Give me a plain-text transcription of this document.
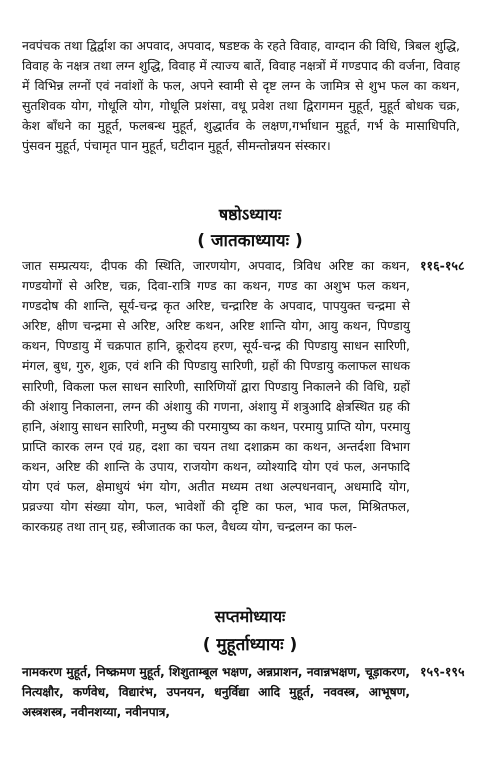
नवपंचक तथा द्विर्द्वाश का अपवाद, अपवाद, षडष्टक के रहते विवाह, वाग्दान की विधि, त्रिबल शुद्धि, विवाह के नक्षत्र तथा लग्न शुद्धि, विवाह में त्याज्य बातें, विवाह नक्षत्रों में गण्डपाद की वर्जना, विवाह में विभिन्न लग्नों एवं नवांशों के फल, अपने स्वामी से दृष्ट लग्न के जामित्र से शुभ फल का कथन, सुतशिवक योग, गोधूलि योग, गोधूलि प्रशंसा, वधू प्रवेश तथा द्विरागमन मुहूर्त, मुहूर्त बोधक चक्र, केश बाँधने का मुहूर्त, फलबन्ध मुहूर्त, शुद्धार्तव के लक्षण,गर्भाधान मुहूर्त, गर्भ के मासाधिपति, पुंसवन मुहूर्त, पंचामृत पान मुहूर्त, घटीदान मुहूर्त, सीमन्तोन्नयन संस्कार।

षष्ठोऽध्यायः
( जातकाध्यायः )

जात सम्प्रत्ययः, दीपक की स्थिति, जारणयोग, अपवाद, त्रिविध अरिष्ट का कथन, गण्डयोगों से अरिष्ट, चक्र, दिवा-रात्रि गण्ड का कथन, गण्ड का अशुभ फल कथन, गण्डदोष की शान्ति, सूर्य-चन्द्र कृत अरिष्ट, चन्द्रारिष्ट के अपवाद, पापयुक्त चन्द्रमा से अरिष्ट, क्षीण चन्द्रमा से अरिष्ट, अरिष्ट कथन, अरिष्ट शान्ति योग, आयु कथन, पिण्डायु कथन, पिण्डायु में चक्रपात हानि, क्रूरोदय हरण, सूर्य-चन्द्र की पिण्डायु साधन सारिणी, मंगल, बुध, गुरु, शुक्र, एवं शनि की पिण्डायु सारिणी, ग्रहों की पिण्डायु कलाफल साधक सारिणी, विकला फल साधन सारिणी, सारिणियों द्वारा पिण्डायु निकालने की विधि, ग्रहों की अंशायु निकालना, लग्न की अंशायु की गणना, अंशायु में शत्रुआदि क्षेत्रस्थित ग्रह की हानि, अंशायु साधन सारिणी, मनुष्य की परमायुष्य का कथन, परमायु प्राप्ति योग, परमायु प्राप्ति कारक लग्न एवं ग्रह, दशा का चयन तथा दशाक्रम का कथन, अन्तर्दशा विभाग कथन, अरिष्ट की शान्ति के उपाय, राजयोग कथन, व्योश्यादि योग एवं फल, अनफादि योग एवं फल, क्षेमाधुयं भंग योग, अतीत मध्यम तथा अल्पधनवान्, अधमादि योग, प्रव्रज्या योग संख्या योग, फल, भावेशों की दृष्टि का फल, भाव फल, मिश्रितफल, कारकग्रह तथा तान् ग्रह, स्त्रीजातक का फल, वैधव्य योग, चन्द्रलग्न का फल-

११६-१५८
सप्तमोध्यायः
( मुहूर्ताध्यायः )

नामकरण मुहूर्त, निष्क्रमण मुहूर्त, शिशुताम्बूल भक्षण, अन्नप्राशन, नवान्नभक्षण, चूड़ाकरण, नित्यक्षौर, कर्णवेध, विद्यारंभ, उपनयन, धनुर्विद्या आदि मुहूर्त, नववस्त्र, आभूषण, अस्त्रशस्त्र, नवीनशय्या, नवीनपात्र,

१५९-१९५
